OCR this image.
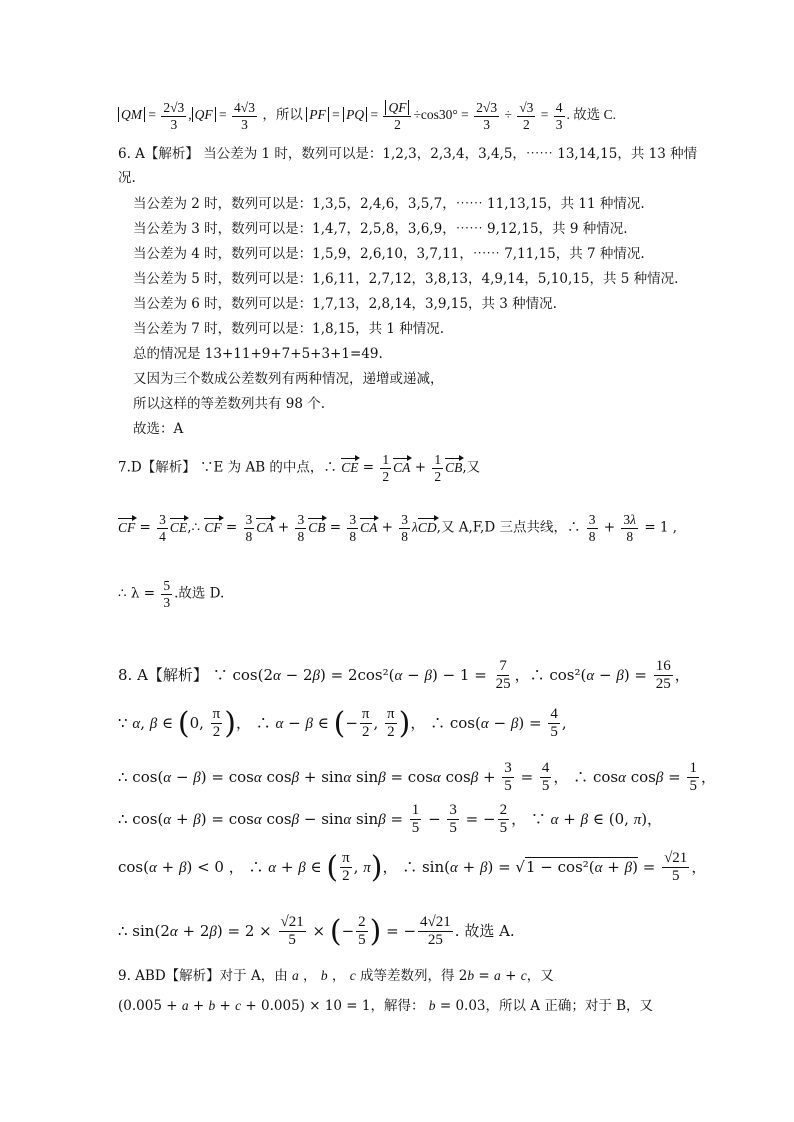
QM = $\frac{2√3}{3}$ , QF = $\frac{4√3}{3}$ ，所以 PF = PQ = $\frac{QF}{2} \div\cos 30^\circ = \frac{2√3}{3} \div \frac{√3}{2} = \frac{4}{3}$ . 故选 C.
6. A【解析】 当公差为 1 时，数列可以是：1,2,3，2,3,4，3,4,5，⋯⋯ 13,14,15，共 13 种情
况.
当公差为 2 时，数列可以是：1,3,5，2,4,6，3,5,7，⋯⋯ 11,13,15，共 11 种情况.
当公差为 3 时，数列可以是：1,4,7，2,5,8，3,6,9，⋯⋯ 9,12,15，共 9 种情况.
当公差为 4 时，数列可以是：1,5,9，2,6,10，3,7,11，⋯⋯ 7,11,15，共 7 种情况.
当公差为 5 时，数列可以是：1,6,11，2,7,12，3,8,13，4,9,14，5,10,15，共 5 种情况.
当公差为 6 时，数列可以是：1,7,13，2,8,14，3,9,15，共 3 种情况.
当公差为 7 时，数列可以是：1,8,15，共 1 种情况.
总的情况是 13+11+9+7+5+3+1=49.
又因为三个数成公差数列有两种情况，递增或递减，
所以这样的等差数列共有 98 个.
故选：A
7.D【解析】 ∵E 为 AB 的中点，∴ CE = $\frac{1}{2}$ CA + $\frac{1}{2}$ CB,又
CF = $\frac{3}{4}$ CE,∴ CF = $\frac{3}{8}$ CA + $\frac{3}{8}$ CB = $\frac{3}{8}$ CA + $\frac{3}{8} \lambda CD$,又 A,F,D 三点共线，∴ $\frac{3}{8} + \frac{3\lambda}{8} = 1$ ,
∴ $\lambda = \frac{5}{3}$ .故选 D.
8. A【解析】 ∵ $\cos(2\alpha - 2\beta) = 2\cos^2(\alpha - \beta) - 1 = \frac{7}{25}$ ，∴ $\cos^2(\alpha - \beta) = \frac{16}{25}$ ，
∵ α, β ∈ (0, $\frac{\pi}{2}$ )， ∴ α − β ∈ (− $\frac{\pi}{2}$ , $\frac{\pi}{2}$ )， ∴ $\cos(\alpha - \beta) = \frac{4}{5}$ ,
∴ cos(α − β) = cosα cosβ + sinα sinβ = cosα $\cos\beta + \frac{3}{5} = \frac{4}{5}$ ， ∴ cosα $\cos\beta = \frac{1}{5}$ ，
∴ cos(α + β) = cosα cosβ − sinα $\sin\beta = \frac{1}{5} - \frac{3}{5}$ = − $\frac{2}{5}$ ， ∵ α + β ∈ (0, π)，
cos(α + β) < 0 ， ∴ α + β ∈ ( $\frac{\pi}{2}$ , π)， ∴ $\sin(\alpha + \beta) = √1 - \cos^2(\alpha + \beta) = \frac{√21}{5}$ ，
∴ $\sin(2\alpha + 2\beta) = 2 \times \frac{√21}{5}$ × (− $\frac{2}{5}$ ) = − $\frac{4√21}{25}$ . 故选 A.
9. ABD【解析】对于 A，由 a ， b ， c 成等差数列，得 2b = a + c，又
(0.005 + a + b + c + 0.005) × 10 = 1，解得： b = 0.03，所以 A 正确；对于 B，又
